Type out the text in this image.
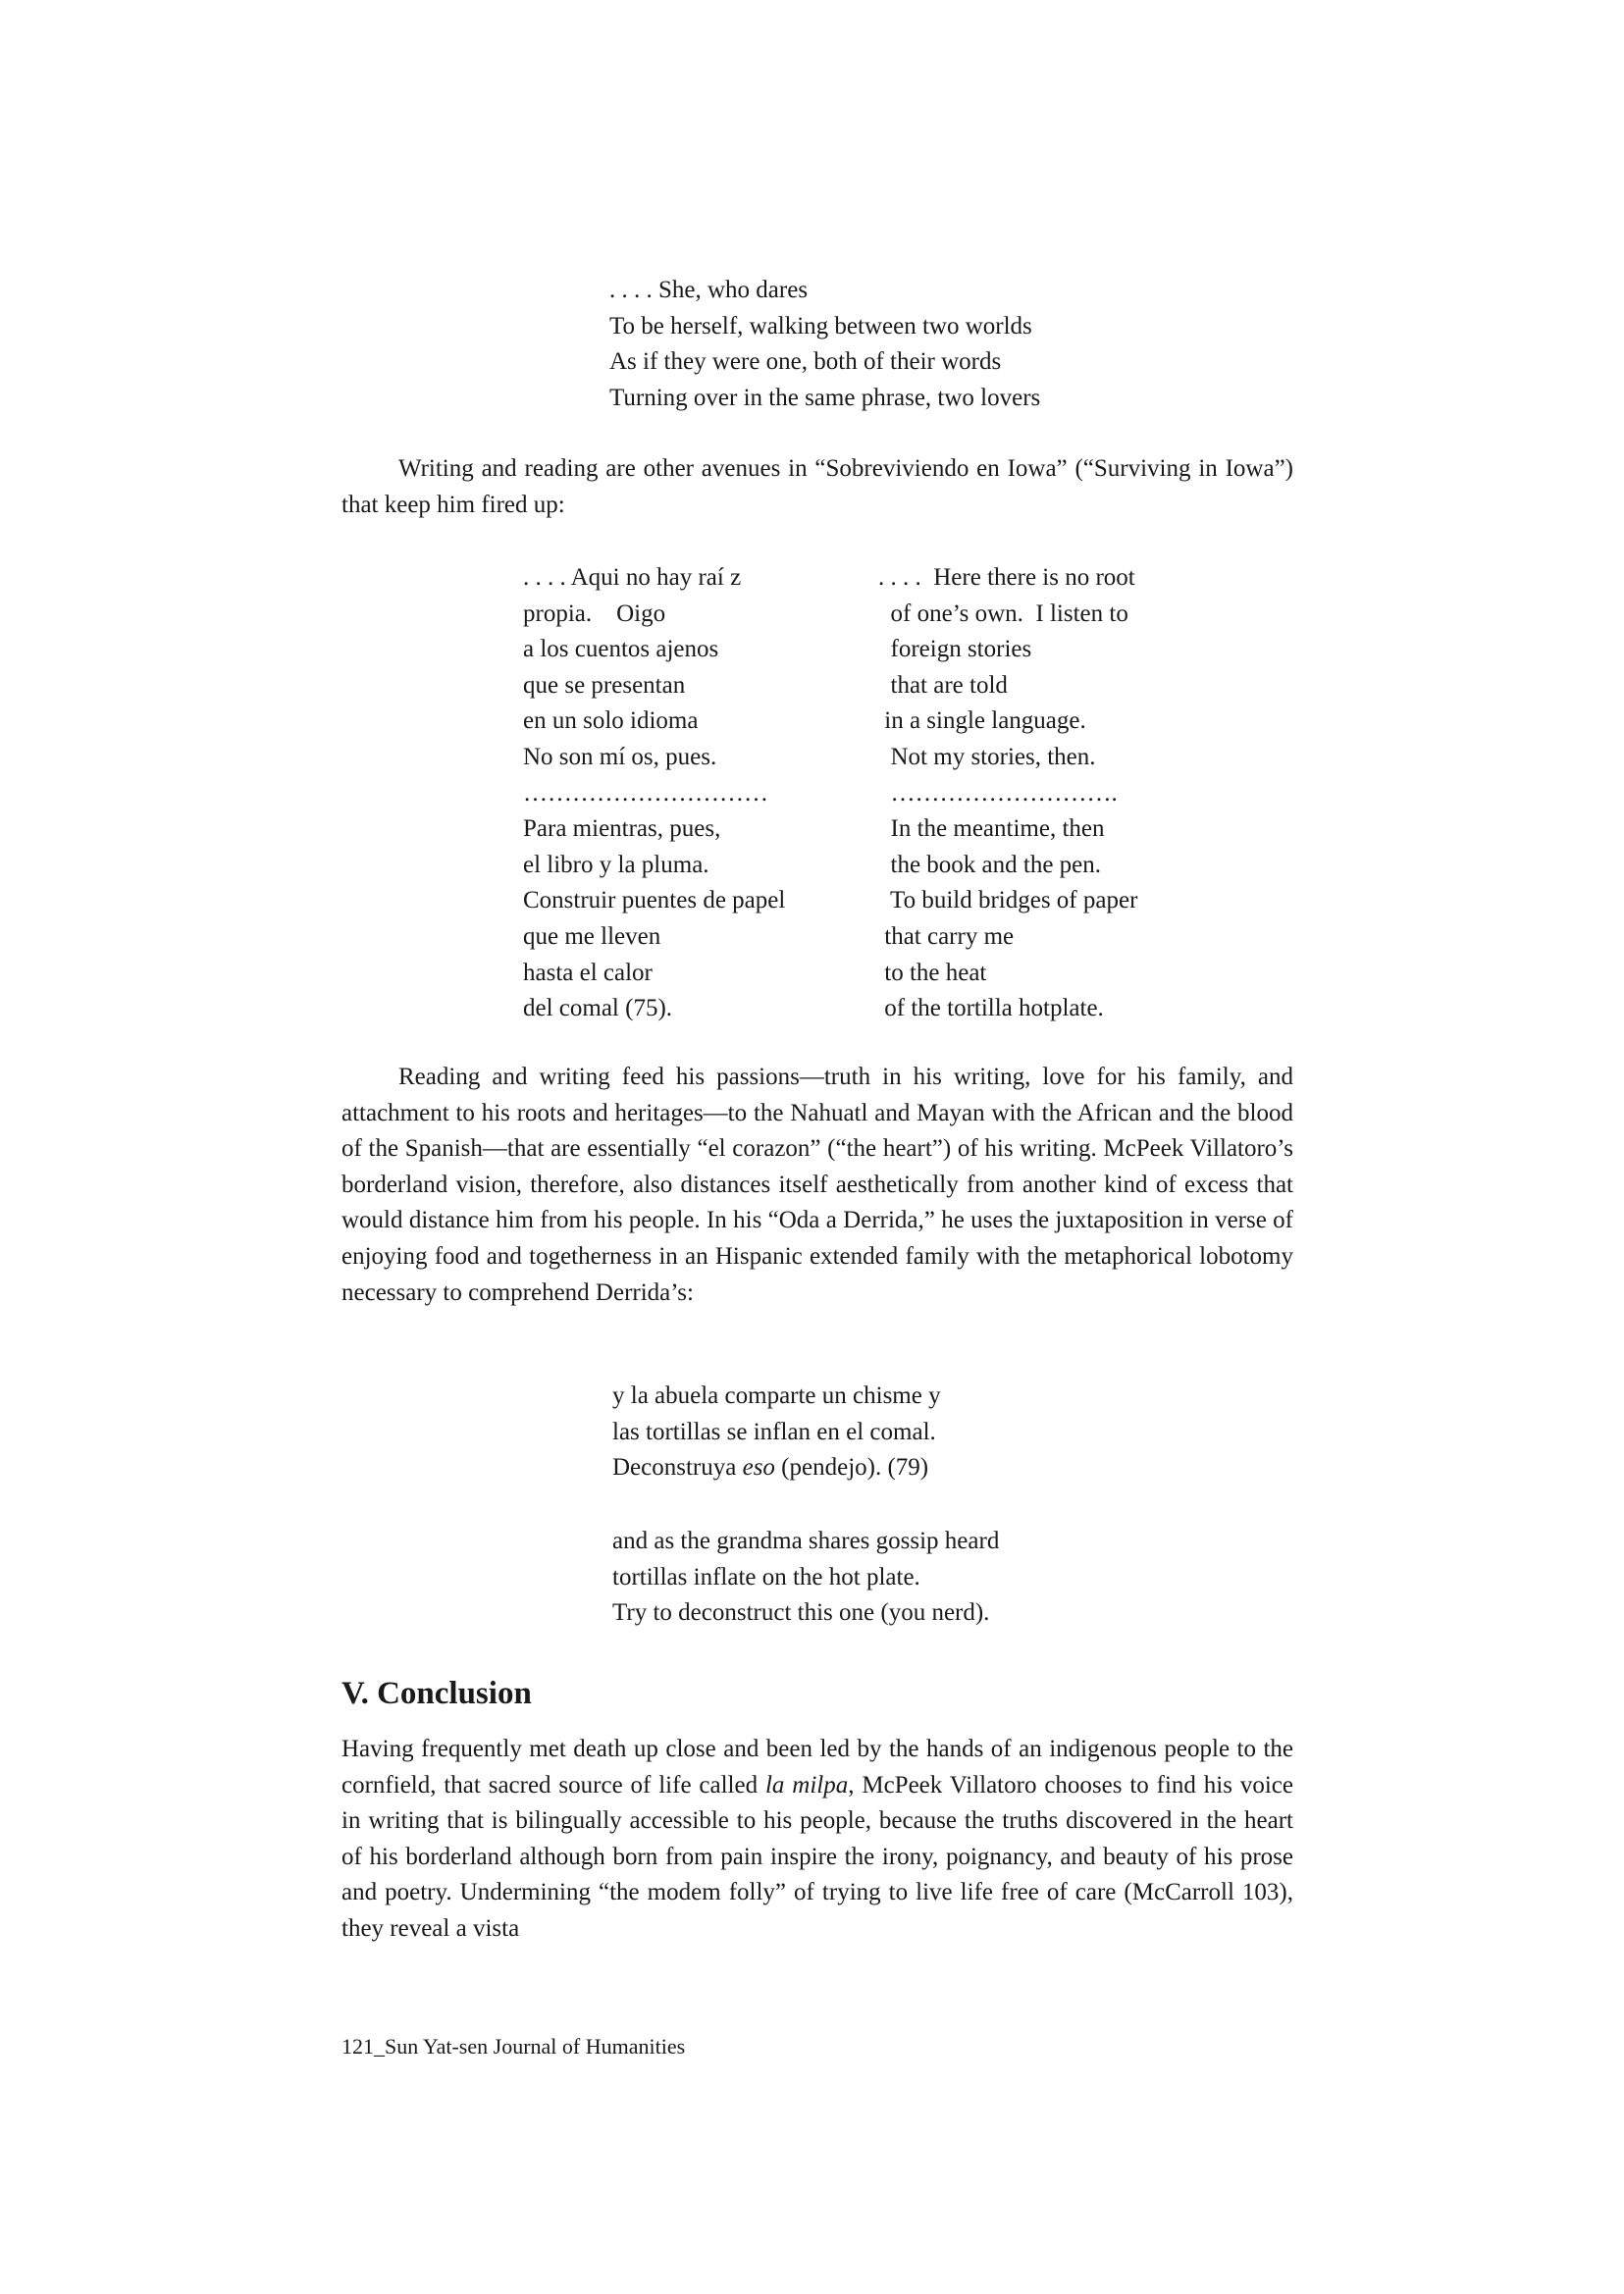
. . . . She, who dares
To be herself, walking between two worlds
As if they were one, both of their words
Turning over in the same phrase, two lovers

Writing and reading are other avenues in “Sobreviviendo en Iowa” (“Surviving in Iowa”) that keep him fired up:

. . . . Aqui no hay raí z	. . . .  Here there is no root
propia.    Oigo	of one’s own.  I listen to
a los cuentos ajenos	foreign stories
que se presentan	that are told
en un solo idioma	in a single language.
No son mí os, pues.	Not my stories, then.
…………………………	……………………….
Para mientras, pues,	In the meantime, then
el libro y la pluma.	the book and the pen.
Construir puentes de papel	To build bridges of paper
que me lleven	that carry me
hasta el calor	to the heat
del comal (75).	of the tortilla hotplate.

Reading and writing feed his passions—truth in his writing, love for his family, and attachment to his roots and heritages—to the Nahuatl and Mayan with the African and the blood of the Spanish—that are essentially “el corazon” (“the heart”) of his writing. McPeek Villatoro’s borderland vision, therefore, also distances itself aesthetically from another kind of excess that would distance him from his people. In his “Oda a Derrida,” he uses the juxtaposition in verse of enjoying food and togetherness in an Hispanic extended family with the metaphorical lobotomy necessary to comprehend Derrida’s:

y la abuela comparte un chisme y
las tortillas se inflan en el comal.
Deconstruya eso (pendejo). (79)
and as the grandma shares gossip heard
tortillas inflate on the hot plate.
Try to deconstruct this one (you nerd).
V. Conclusion

Having frequently met death up close and been led by the hands of an indigenous people to the cornfield, that sacred source of life called la milpa, McPeek Villatoro chooses to find his voice in writing that is bilingually accessible to his people, because the truths discovered in the heart of his borderland although born from pain inspire the irony, poignancy, and beauty of his prose and poetry. Undermining “the modem folly” of trying to live life free of care (McCarroll 103), they reveal a vista

121_Sun Yat-sen Journal of Humanities
